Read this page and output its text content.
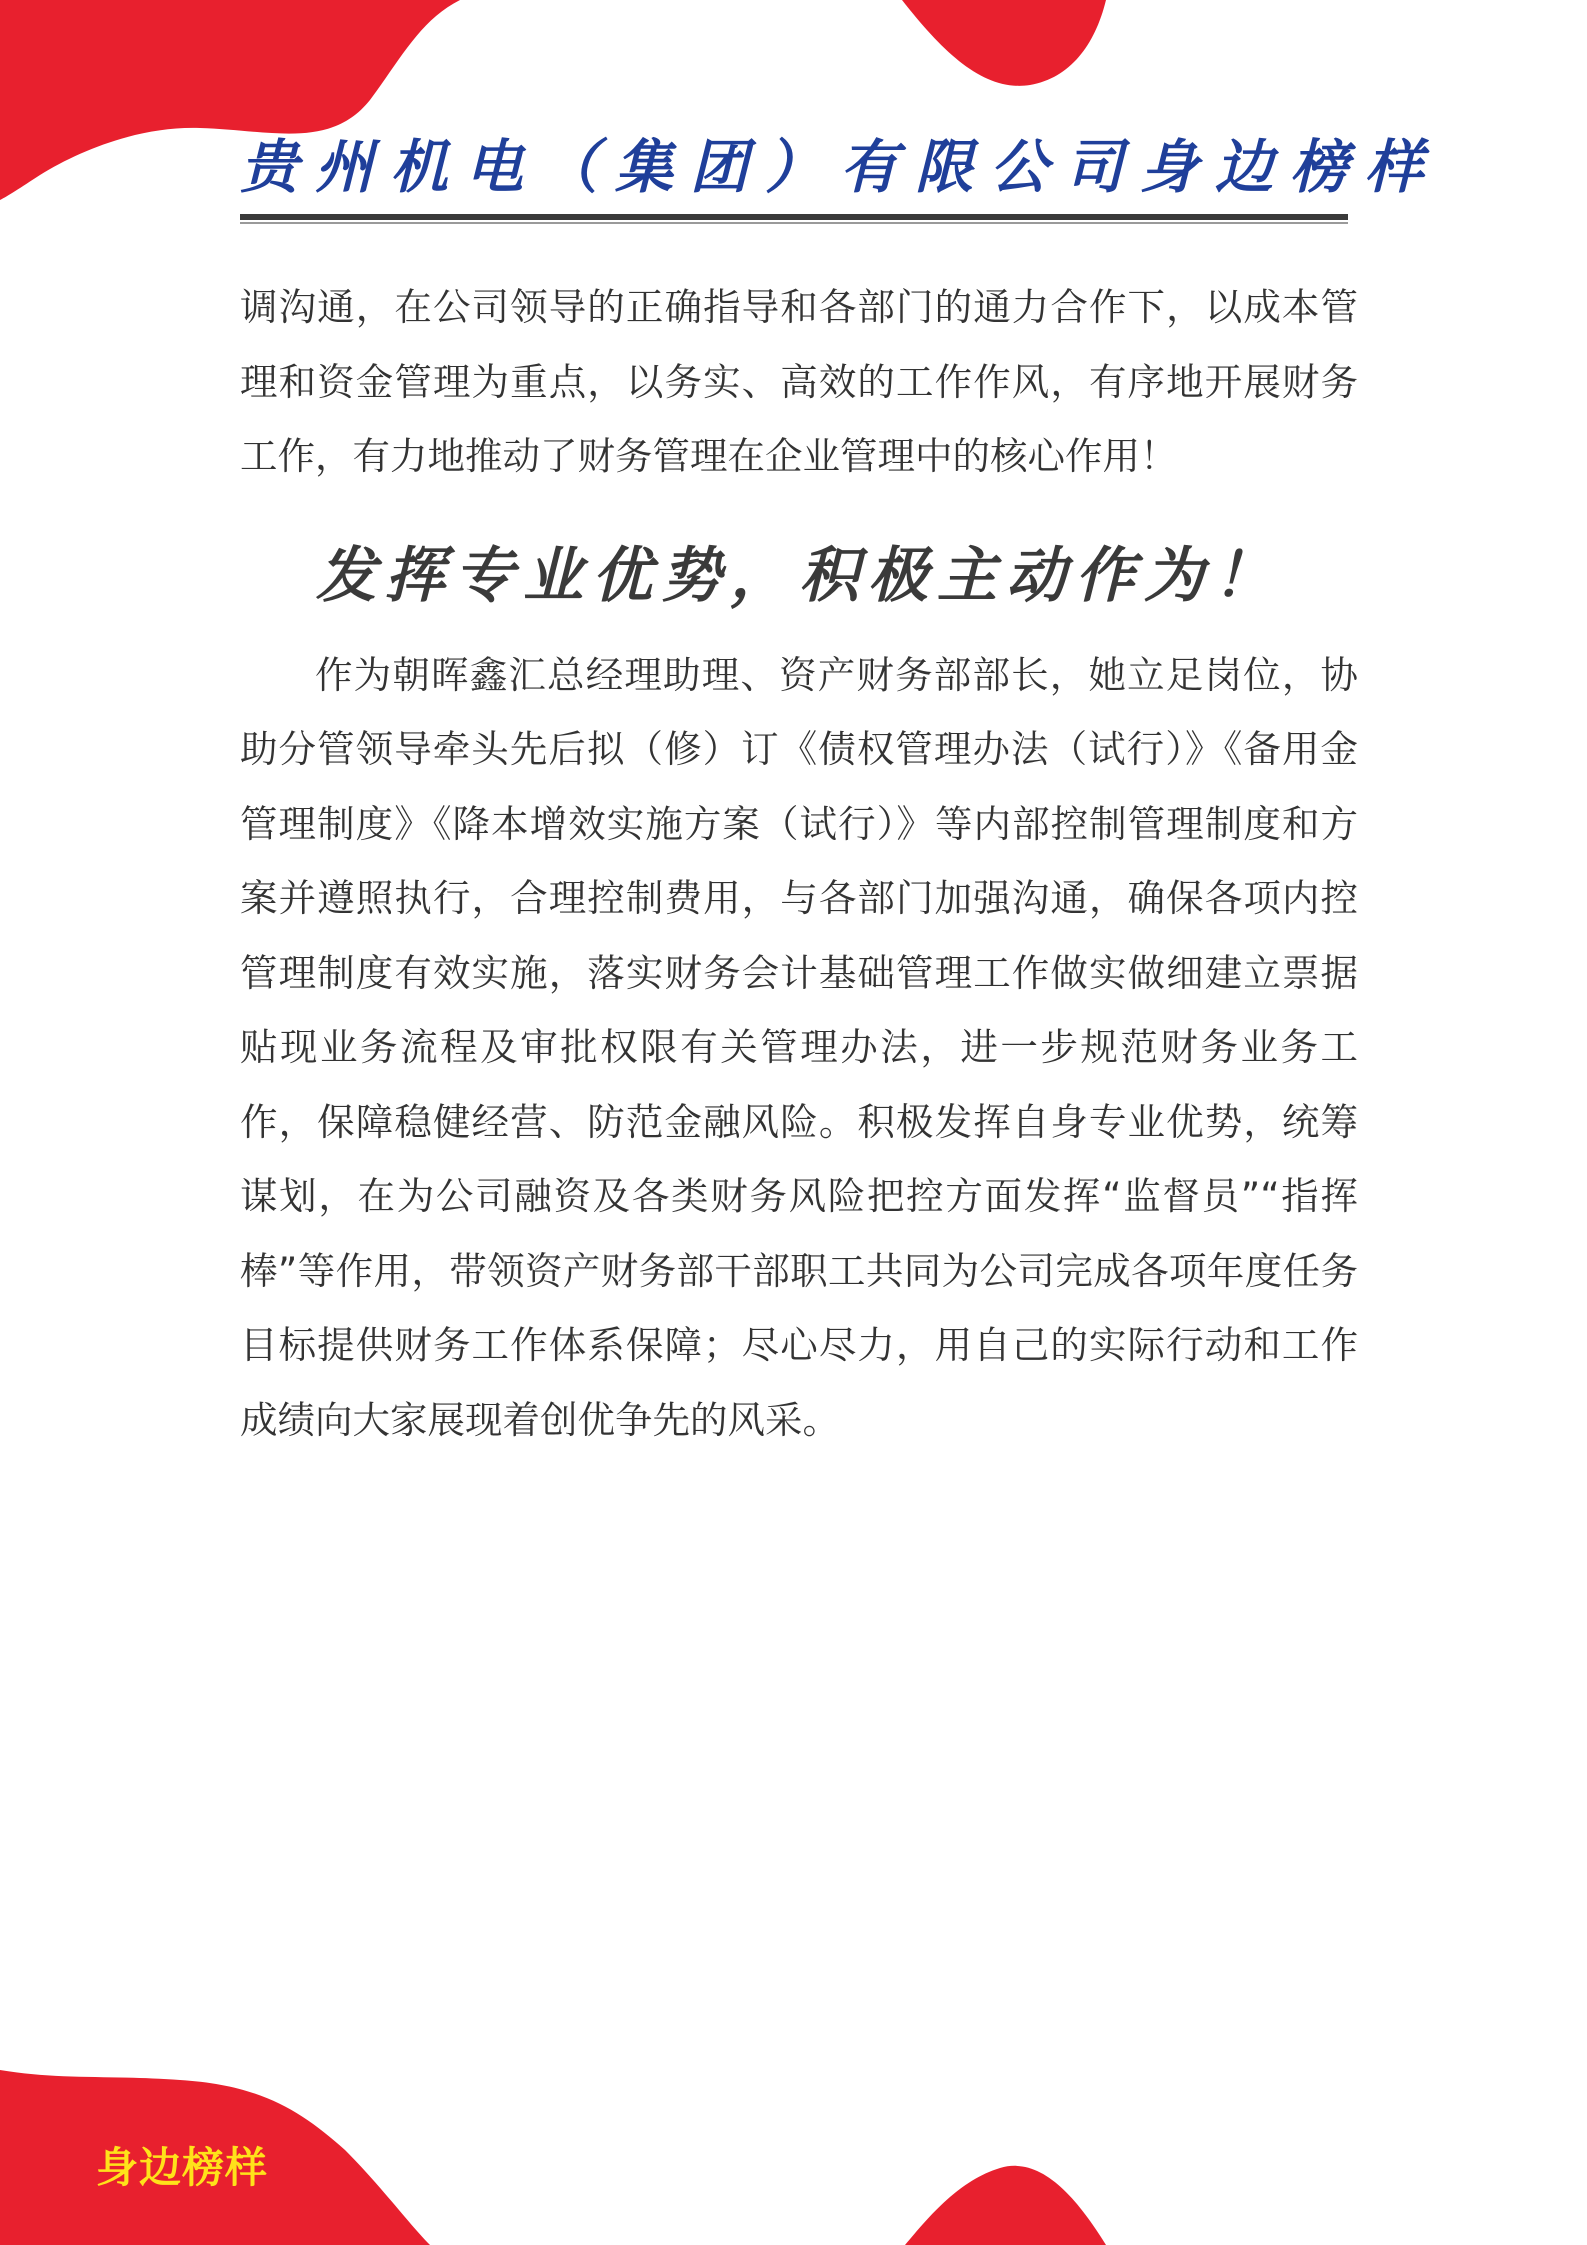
贵州机电（集团）有限公司身边榜样

调沟通，在公司领导的正确指导和各部门的通力合作下，以成本管理和资金管理为重点，以务实、高效的工作作风，有序地开展财务工作，有力地推动了财务管理在企业管理中的核心作用！

发挥专业优势，积极主动作为！

作为朝晖鑫汇总经理助理、资产财务部部长，她立足岗位，协助分管领导牵头先后拟（修）订《债权管理办法（试行）》《备用金管理制度》《降本增效实施方案（试行）》等内部控制管理制度和方案并遵照执行，合理控制费用，与各部门加强沟通，确保各项内控管理制度有效实施，落实财务会计基础管理工作做实做细建立票据贴现业务流程及审批权限有关管理办法，进一步规范财务业务工作，保障稳健经营、防范金融风险。积极发挥自身专业优势，统筹谋划，在为公司融资及各类财务风险把控方面发挥“监督员”“指挥棒”等作用，带领资产财务部干部职工共同为公司完成各项年度任务目标提供财务工作体系保障；尽心尽力，用自己的实际行动和工作成绩向大家展现着创优争先的风采。

身边榜样
